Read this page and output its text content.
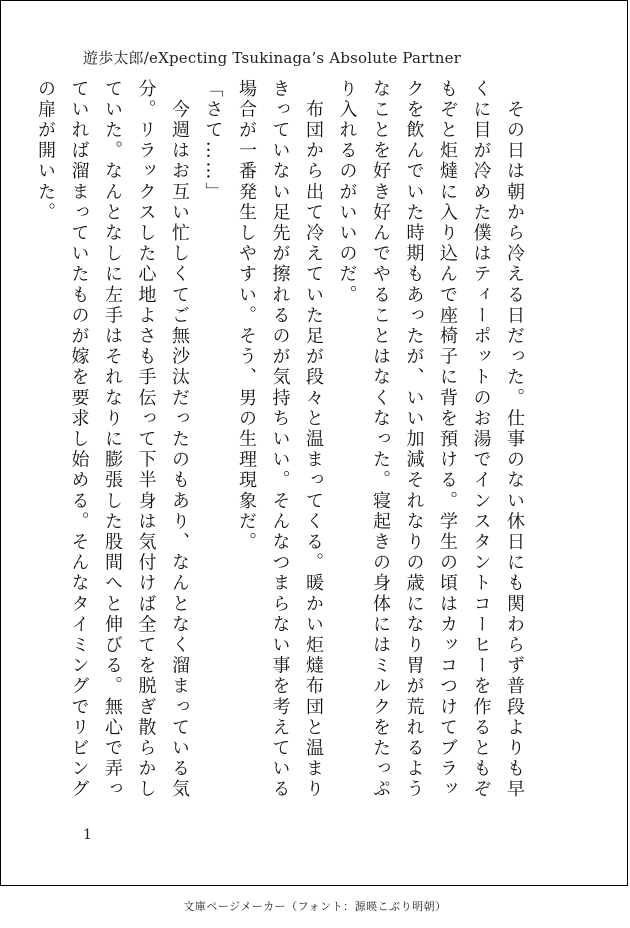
遊歩太郎/eXpecting Tsukinaga’s Absolute Partner

　その日は朝から冷える日だった。仕事のない休日にも関わらず普段よりも早くに目が冷めた僕はティーポットのお湯でインスタントコーヒーを作るともぞもぞと炬燵に入り込んで座椅子に背を預ける。学生の頃はカッコつけてブラックを飲んでいた時期もあったが、いい加減それなりの歳になり胃が荒れるようなことを好き好んでやることはなくなった。寝起きの身体にはミルクをたっぷり入れるのがいいのだ。

　布団から出て冷えていた足が段々と温まってくる。暖かい炬燵布団と温まりきっていない足先が擦れるのが気持ちいい。そんなつまらない事を考えている場合が一番発生しやすい。そう、男の生理現象だ。

「さて……」

　今週はお互い忙しくてご無沙汰だったのもあり、なんとなく溜まっている気分。リラックスした心地よさも手伝って下半身は気付けば全てを脱ぎ散らかしていた。なんとなしに左手はそれなりに膨張した股間へと伸びる。無心で弄っていれば溜まっていたものが嫁を要求し始める。そんなタイミングでリビングの扉が開いた。

1
文庫ページメーカー（フォント：源暎こぶり明朝）
